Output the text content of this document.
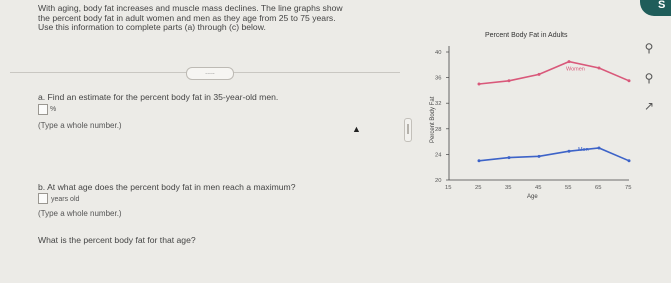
S
With aging, body fat increases and muscle mass declines. The line graphs show
the percent body fat in adult women and men as they age from 25 to 75 years.
Use this information to complete parts (a) through (c) below.
.....
a. Find an estimate for the percent body fat in 35-year-old men.
%
(Type a whole number.)
b. At what age does the percent body fat in men reach a maximum?
years old
(Type a whole number.)
What is the percent body fat for that age?
▲
⚲
⚲
↗
Percent Body Fat in Adults
Percent Body Fat
Age
20
24
28
32
36
40
15	25	35	45	55	65	75
Women
Men
